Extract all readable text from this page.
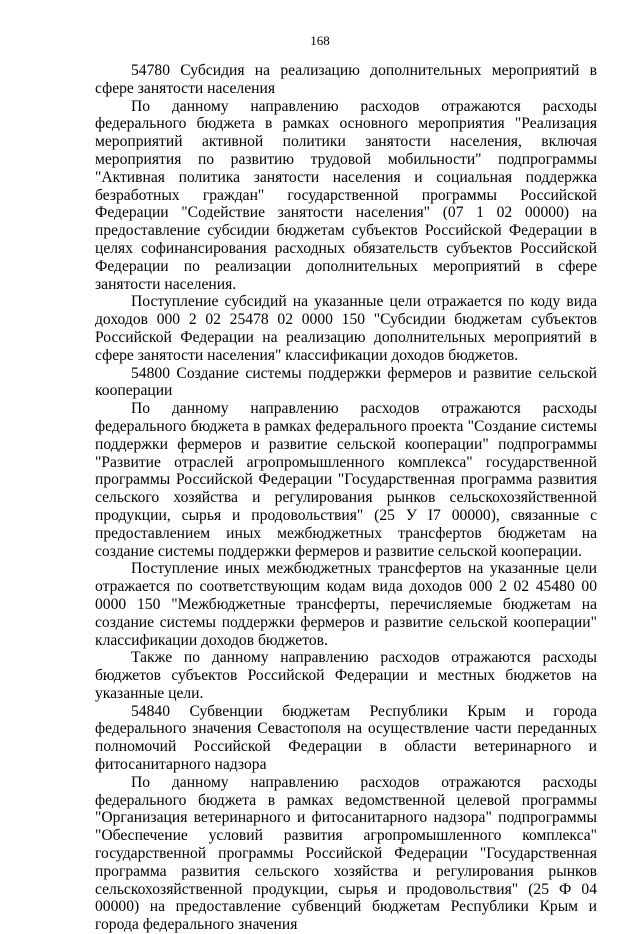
168

54780 Субсидия на реализацию дополнительных мероприятий в сфере занятости населения

По данному направлению расходов отражаются расходы федерального бюджета в рамках основного мероприятия "Реализация мероприятий активной политики занятости населения, включая мероприятия по развитию трудовой мобильности" подпрограммы "Активная политика занятости населения и социальная поддержка безработных граждан" государственной программы Российской Федерации "Содействие занятости населения" (07 1 02 00000) на предоставление субсидии бюджетам субъектов Российской Федерации в целях софинансирования расходных обязательств субъектов Российской Федерации по реализации дополнительных мероприятий в сфере занятости населения.

Поступление субсидий на указанные цели отражается по коду вида доходов 000 2 02 25478 02 0000 150 "Субсидии бюджетам субъектов Российской Федерации на реализацию дополнительных мероприятий в сфере занятости населения" классификации доходов бюджетов.

54800 Создание системы поддержки фермеров и развитие сельской кооперации

По данному направлению расходов отражаются расходы федерального бюджета в рамках федерального проекта "Создание системы поддержки фермеров и развитие сельской кооперации" подпрограммы "Развитие отраслей агропромышленного комплекса" государственной программы Российской Федерации "Государственная программа развития сельского хозяйства и регулирования рынков сельскохозяйственной продукции, сырья и продовольствия" (25 У I7 00000), связанные с предоставлением иных межбюджетных трансфертов бюджетам на создание системы поддержки фермеров и развитие сельской кооперации.

Поступление иных межбюджетных трансфертов на указанные цели отражается по соответствующим кодам вида доходов 000 2 02 45480 00 0000 150 "Межбюджетные трансферты, перечисляемые бюджетам на создание системы поддержки фермеров и развитие сельской кооперации" классификации доходов бюджетов.

Также по данному направлению расходов отражаются расходы бюджетов субъектов Российской Федерации и местных бюджетов на указанные цели.

54840 Субвенции бюджетам Республики Крым и города федерального значения Севастополя на осуществление части переданных полномочий Российской Федерации в области ветеринарного и фитосанитарного надзора

По данному направлению расходов отражаются расходы федерального бюджета в рамках ведомственной целевой программы "Организация ветеринарного и фитосанитарного надзора" подпрограммы "Обеспечение условий развития агропромышленного комплекса" государственной программы Российской Федерации "Государственная программа развития сельского хозяйства и регулирования рынков сельскохозяйственной продукции, сырья и продовольствия" (25 Ф 04 00000) на предоставление субвенций бюджетам Республики Крым и города федерального значения
